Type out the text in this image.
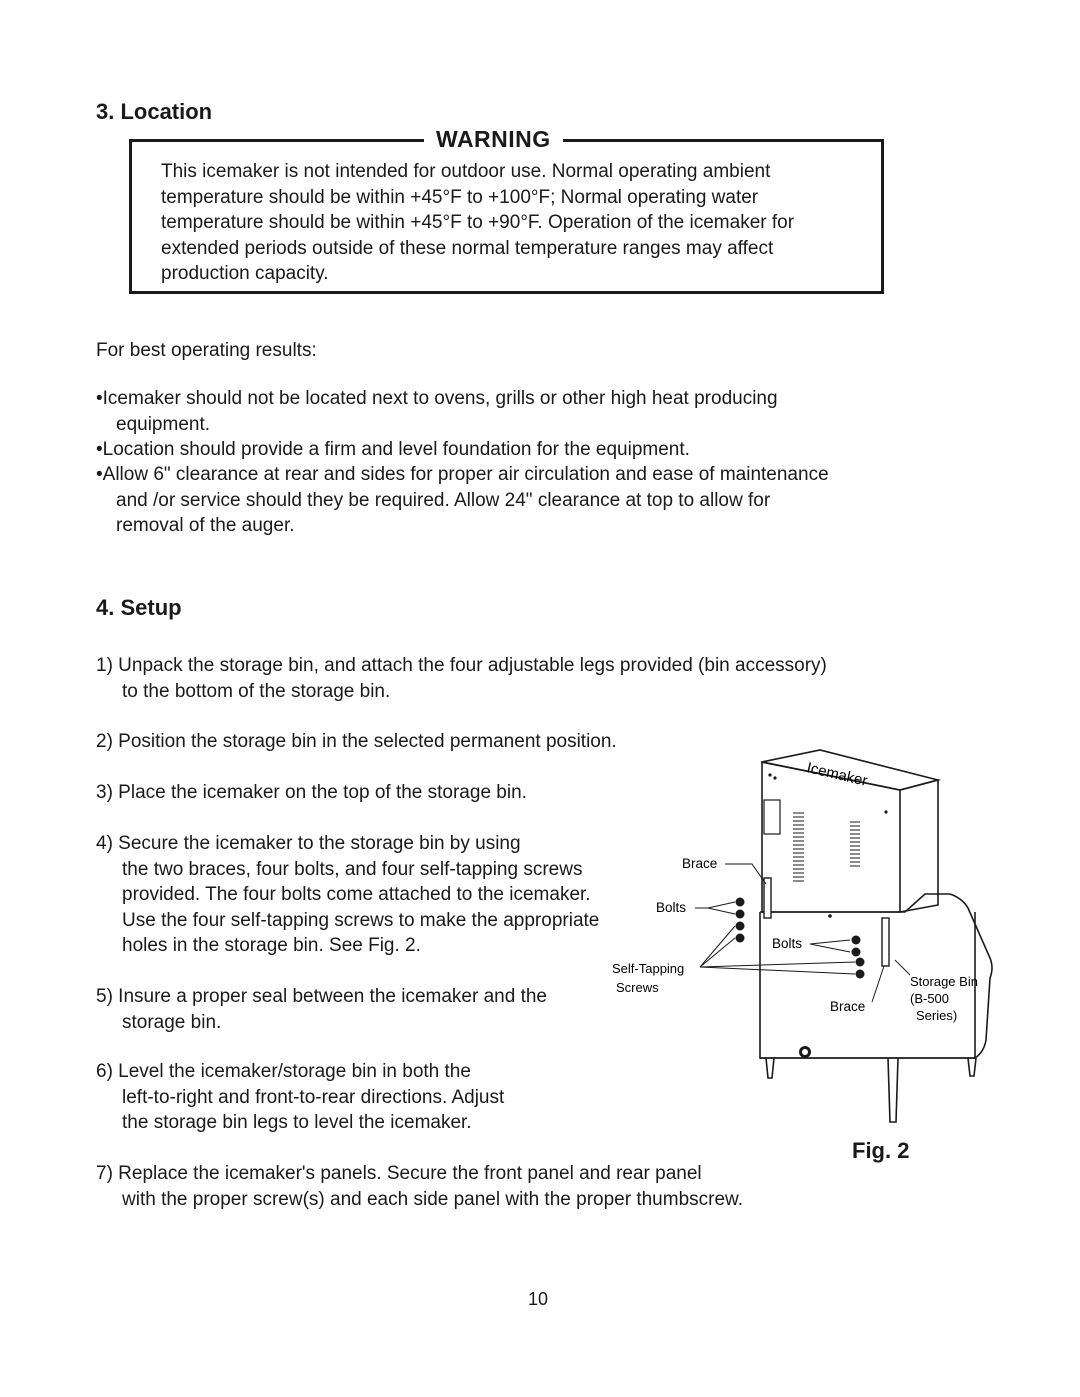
3. Location
WARNING
This icemaker is not intended for outdoor use. Normal operating ambient temperature should be within +45°F to +100°F; Normal operating water temperature should be within +45°F to +90°F. Operation of the icemaker for extended periods outside of these normal temperature ranges may affect production capacity.
For best operating results:
•Icemaker should not be located next to ovens, grills or other high heat producing
equipment.
•Location should provide a firm and level foundation for the equipment.
•Allow 6" clearance at rear and sides for proper air circulation and ease of maintenance
and /or service should they be required. Allow 24" clearance at top to allow for
removal of the auger.
4. Setup
1) Unpack the storage bin, and attach the four adjustable legs provided (bin accessory)
to the bottom of the storage bin.
2) Position the storage bin in the selected permanent position.
3) Place the icemaker on the top of the storage bin.
4) Secure the icemaker to the storage bin by using
the two braces, four bolts, and four self-tapping screws
provided. The four bolts come attached to the icemaker.
Use the four self-tapping screws to make the appropriate
holes in the storage bin. See Fig. 2.
5) Insure a proper seal between the icemaker and the
storage bin.
6) Level the icemaker/storage bin in both the
left-to-right and front-to-rear directions. Adjust
the storage bin legs to level the icemaker.
7) Replace the icemaker's panels. Secure the front panel and rear panel
with the proper screw(s) and each side panel with the proper thumbscrew.
Icemaker
Brace
Bolts
Bolts
Self-Tapping
Screws
Brace
Storage Bin
(B-500
Series)
Fig. 2
10
